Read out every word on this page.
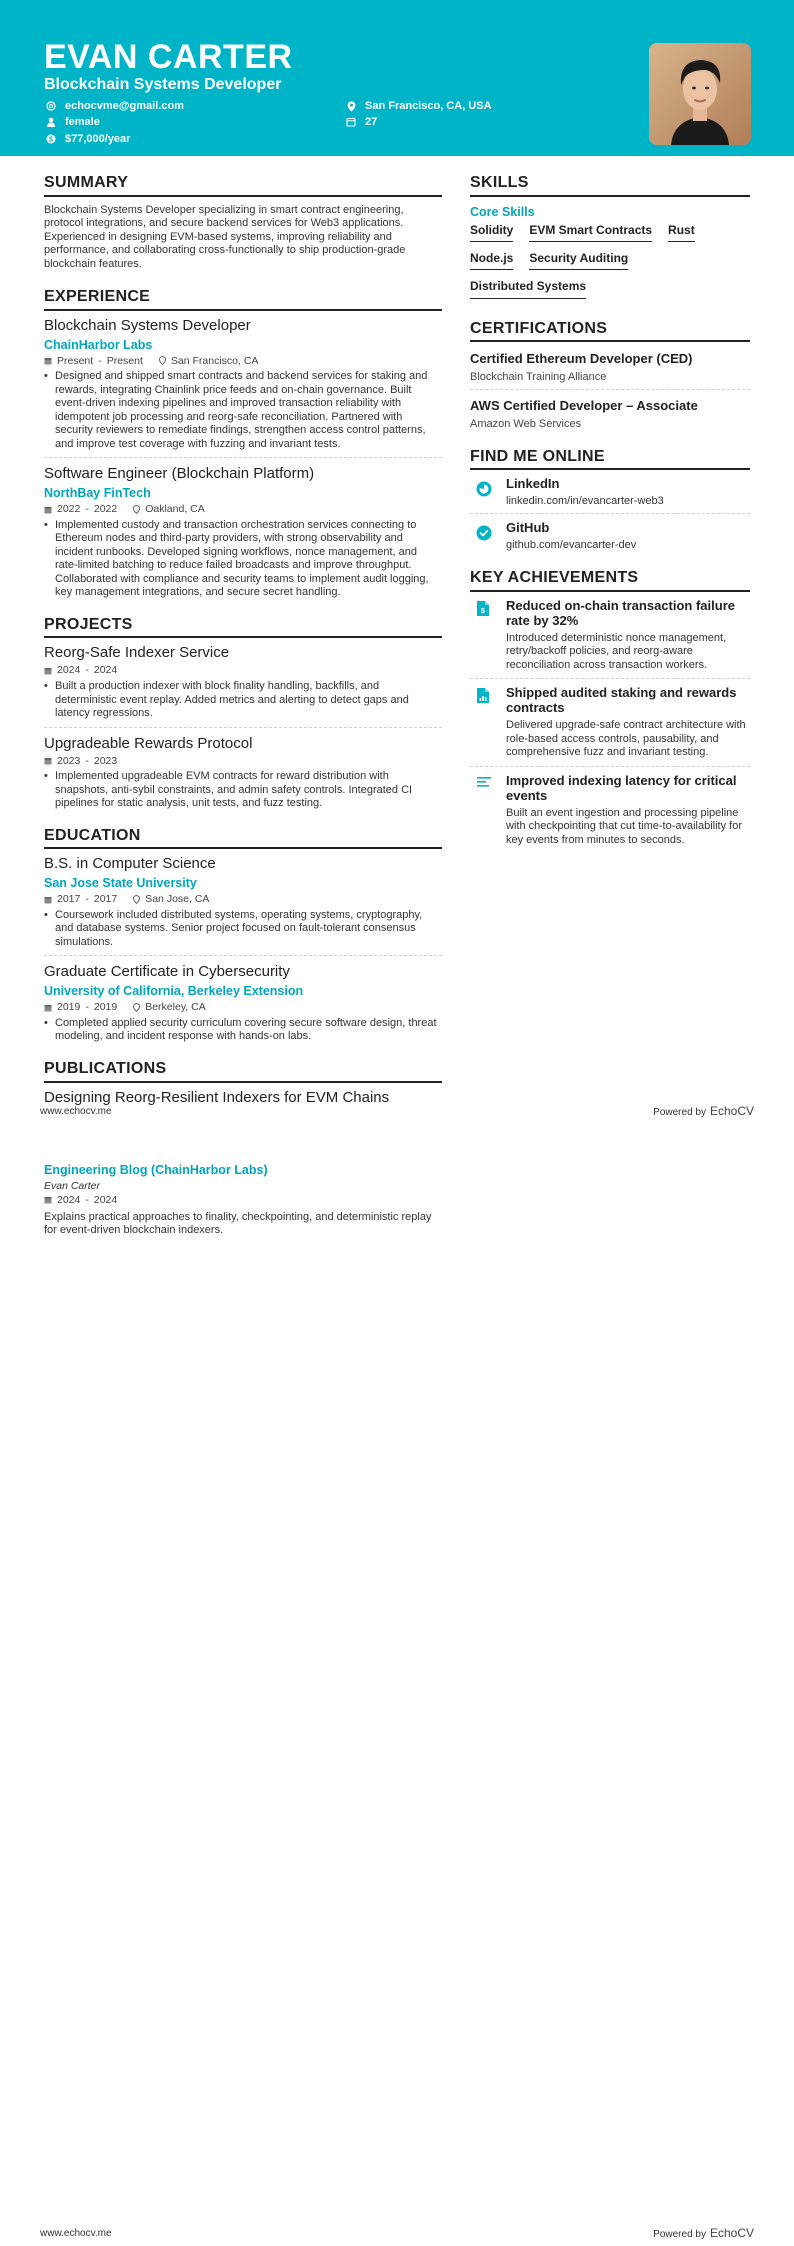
EVAN CARTER
Blockchain Systems Developer
echocvme@gmail.com
female
$ $77,000/year
San Francisco, CA, USA
27
SUMMARY
Blockchain Systems Developer specializing in smart contract engineering, protocol integrations, and secure backend services for Web3 applications. Experienced in designing EVM-based systems, improving reliability and performance, and collaborating cross-functionally to ship production-grade blockchain features.
EXPERIENCE
Blockchain Systems Developer
ChainHarbor Labs
Present - Present	San Francisco, CA
• Designed and shipped smart contracts and backend services for staking and rewards, integrating Chainlink price feeds and on-chain governance. Built event-driven indexing pipelines and improved transaction reliability with idempotent job processing and reorg-safe reconciliation. Partnered with security reviewers to remediate findings, strengthen access control patterns, and improve test coverage with fuzzing and invariant tests.
Software Engineer (Blockchain Platform)
NorthBay FinTech
2022 - 2022	Oakland, CA
• Implemented custody and transaction orchestration services connecting to Ethereum nodes and third-party providers, with strong observability and incident runbooks. Developed signing workflows, nonce management, and rate-limited batching to reduce failed broadcasts and improve throughput. Collaborated with compliance and security teams to implement audit logging, key management integrations, and secure secret handling.
PROJECTS
Reorg-Safe Indexer Service
2024 - 2024
• Built a production indexer with block finality handling, backfills, and deterministic event replay. Added metrics and alerting to detect gaps and latency regressions.
Upgradeable Rewards Protocol
2023 - 2023
• Implemented upgradeable EVM contracts for reward distribution with snapshots, anti-sybil constraints, and admin safety controls. Integrated CI pipelines for static analysis, unit tests, and fuzz testing.
EDUCATION
B.S. in Computer Science
San Jose State University
2017 - 2017	San Jose, CA
• Coursework included distributed systems, operating systems, cryptography, and database systems. Senior project focused on fault-tolerant consensus simulations.
Graduate Certificate in Cybersecurity
University of California, Berkeley Extension
2019 - 2019	Berkeley, CA
• Completed applied security curriculum covering secure software design, threat modeling, and incident response with hands-on labs.
PUBLICATIONS
Designing Reorg-Resilient Indexers for EVM Chains
Engineering Blog (ChainHarbor Labs)
Evan Carter
2024 - 2024
Explains practical approaches to finality, checkpointing, and deterministic replay for event-driven blockchain indexers.
SKILLS
Core Skills
Solidity EVM Smart Contracts Rust
Node.js Security Auditing
Distributed Systems
CERTIFICATIONS
Certified Ethereum Developer (CED)
Blockchain Training Alliance
AWS Certified Developer – Associate
Amazon Web Services
FIND ME ONLINE
LinkedIn
linkedin.com/in/evancarter-web3
GitHub
github.com/evancarter-dev
KEY ACHIEVEMENTS
$ Reduced on-chain transaction failure rate by 32%
Introduced deterministic nonce management, retry/backoff policies, and reorg-aware reconciliation across transaction workers.
Shipped audited staking and rewards contracts
Delivered upgrade-safe contract architecture with role-based access controls, pausability, and comprehensive fuzz and invariant testing.
Improved indexing latency for critical events
Built an event ingestion and processing pipeline with checkpointing that cut time-to-availability for key events from minutes to seconds.
www.echocv.me	Powered by EchoCV
www.echocv.me	Powered by EchoCV
